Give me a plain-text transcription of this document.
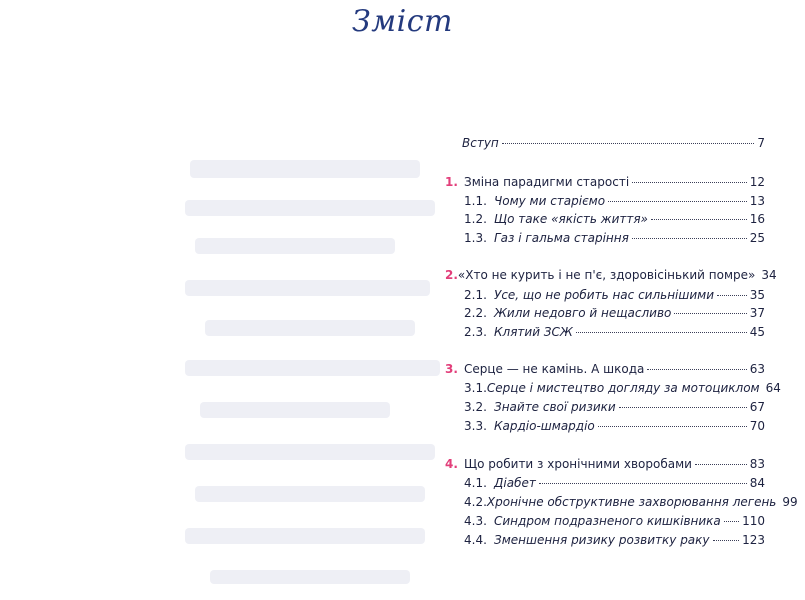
Зміст
Вступ	7
1. Зміна парадигми старості	12
1.1. Чому ми старіємо	13
1.2. Що таке «якість життя»	16
1.3. Газ і гальма старіння	25
2. «Хто не курить і не п'є, здоровісінький помре» 34
2.1. Усе, що не робить нас сильнішими	35
2.2. Жили недовго й нещасливо	37
2.3. Клятий ЗСЖ	45
3. Серце — не камінь. А шкода	63
3.1. Серце і мистецтво догляду за мотоциклом 64
3.2. Знайте свої ризики	67
3.3. Кардіо-шмардіо	70
4. Що робити з хронічними хворобами	83
4.1. Діабет	84
4.2. Хронічне обструктивне захворювання легень 99
4.3. Синдром подразненого кишківника 110
4.4. Зменшення ризику розвитку раку	123
